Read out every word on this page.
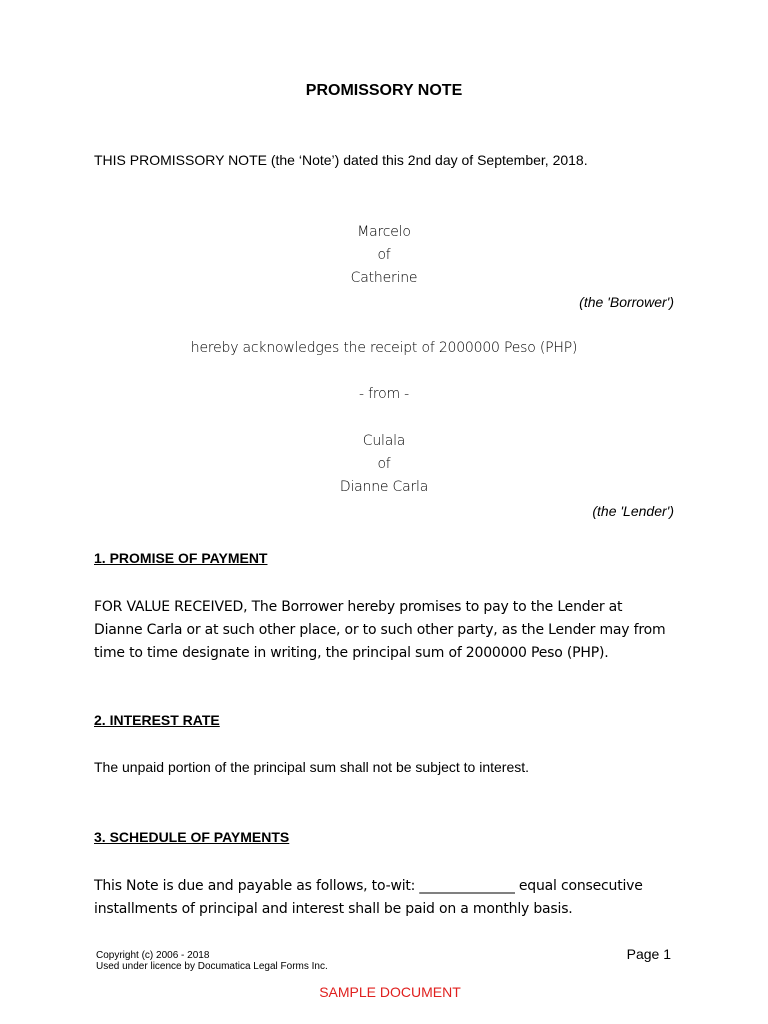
PROMISSORY NOTE
THIS PROMISSORY NOTE (the ‘Note’) dated this 2nd day of September, 2018.
Marcelo
of
Catherine
(the 'Borrower')
hereby acknowledges the receipt of 2000000 Peso (PHP)
- from -
Culala
of
Dianne Carla
(the 'Lender')
1. PROMISE OF PAYMENT
FOR VALUE RECEIVED, The Borrower hereby promises to pay to the Lender at
Dianne Carla or at such other place, or to such other party, as the Lender may from
time to time designate in writing, the principal sum of 2000000 Peso (PHP).
2. INTEREST RATE
The unpaid portion of the principal sum shall not be subject to interest.
3. SCHEDULE OF PAYMENTS
This Note is due and payable as follows, to-wit: ______________ equal consecutive
installments of principal and interest shall be paid on a monthly basis.
Copyright (c) 2006 - 2018
Used under licence by Documatica Legal Forms Inc.
Page 1
SAMPLE DOCUMENT
